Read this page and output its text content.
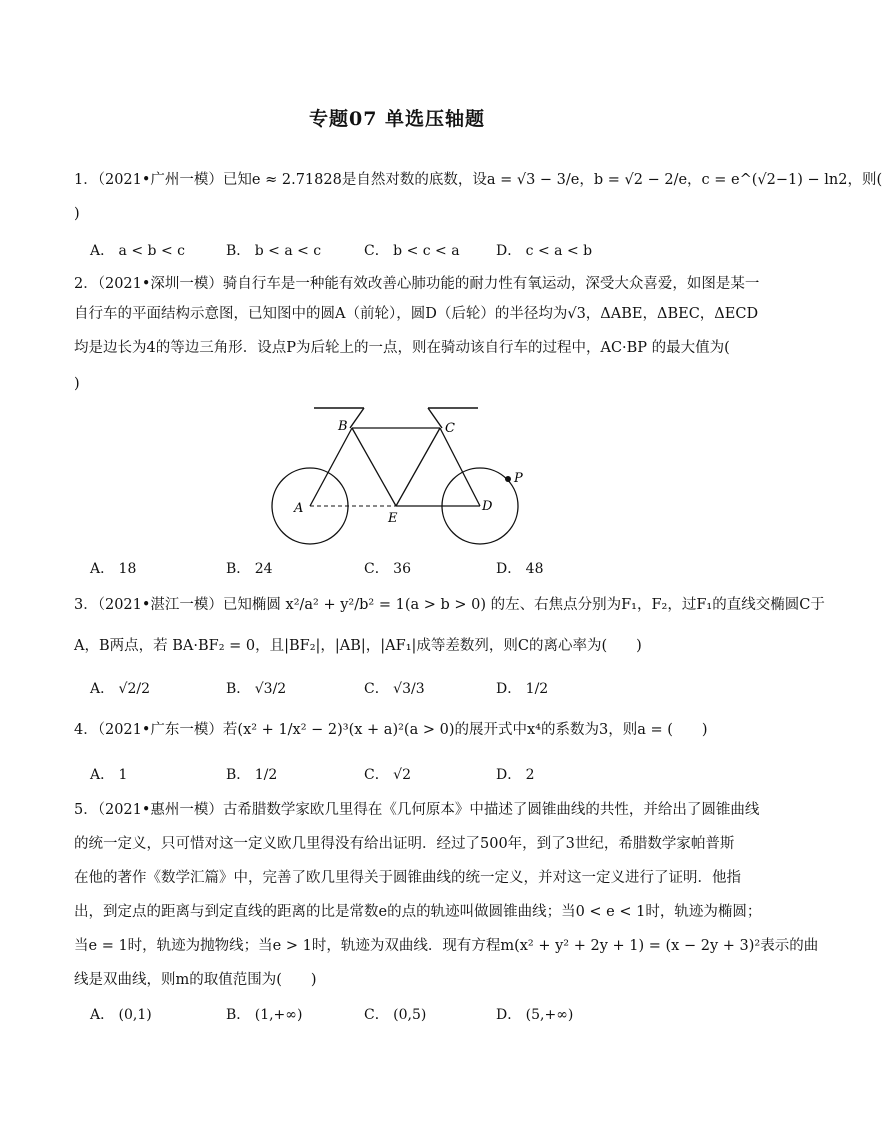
专题07 单选压轴题
1．（2021•广州一模）已知e ≈ 2.71828是自然对数的底数，设a = √3 − 3/e，b = √2 − 2/e，c = e^(√2−1) − ln2，则(
)
A． a < b < c	B． b < a < c	C． b < c < a	D． c < a < b
2．（2021•深圳一模）骑自行车是一种能有效改善心肺功能的耐力性有氧运动，深受大众喜爱，如图是某一
自行车的平面结构示意图，已知图中的圆A（前轮），圆D（后轮）的半径均为√3，ΔABE，ΔBEC，ΔECD
均是边长为4的等边三角形．设点P为后轮上的一点，则在骑动该自行车的过程中，AC·BP 的最大值为(
)
B	C
A
E
D
P
A． 18	B． 24	C． 36	D． 48
3．（2021•湛江一模）已知椭圆 x²/a² + y²/b² = 1(a > b > 0) 的左、右焦点分别为F₁，F₂，过F₁的直线交椭圆C于
A，B两点，若 BA·BF₂ = 0，且|BF₂|，|AB|，|AF₁|成等差数列，则C的离心率为(　　)
A． √2/2	B． √3/2	C． √3/3	D． 1/2
4．（2021•广东一模）若(x² + 1/x² − 2)³(x + a)²(a > 0)的展开式中x⁴的系数为3，则a = (　　)
A． 1	B． 1/2	C． √2	D． 2
5．（2021•惠州一模）古希腊数学家欧几里得在《几何原本》中描述了圆锥曲线的共性，并给出了圆锥曲线
的统一定义，只可惜对这一定义欧几里得没有给出证明．经过了500年，到了3世纪，希腊数学家帕普斯
在他的著作《数学汇篇》中，完善了欧几里得关于圆锥曲线的统一定义，并对这一定义进行了证明．他指
出，到定点的距离与到定直线的距离的比是常数e的点的轨迹叫做圆锥曲线；当0 < e < 1时，轨迹为椭圆；
当e = 1时，轨迹为抛物线；当e > 1时，轨迹为双曲线．现有方程m(x² + y² + 2y + 1) = (x − 2y + 3)²表示的曲
线是双曲线，则m的取值范围为(　　)
A． (0,1)	B． (1,+∞)	C． (0,5)	D． (5,+∞)
